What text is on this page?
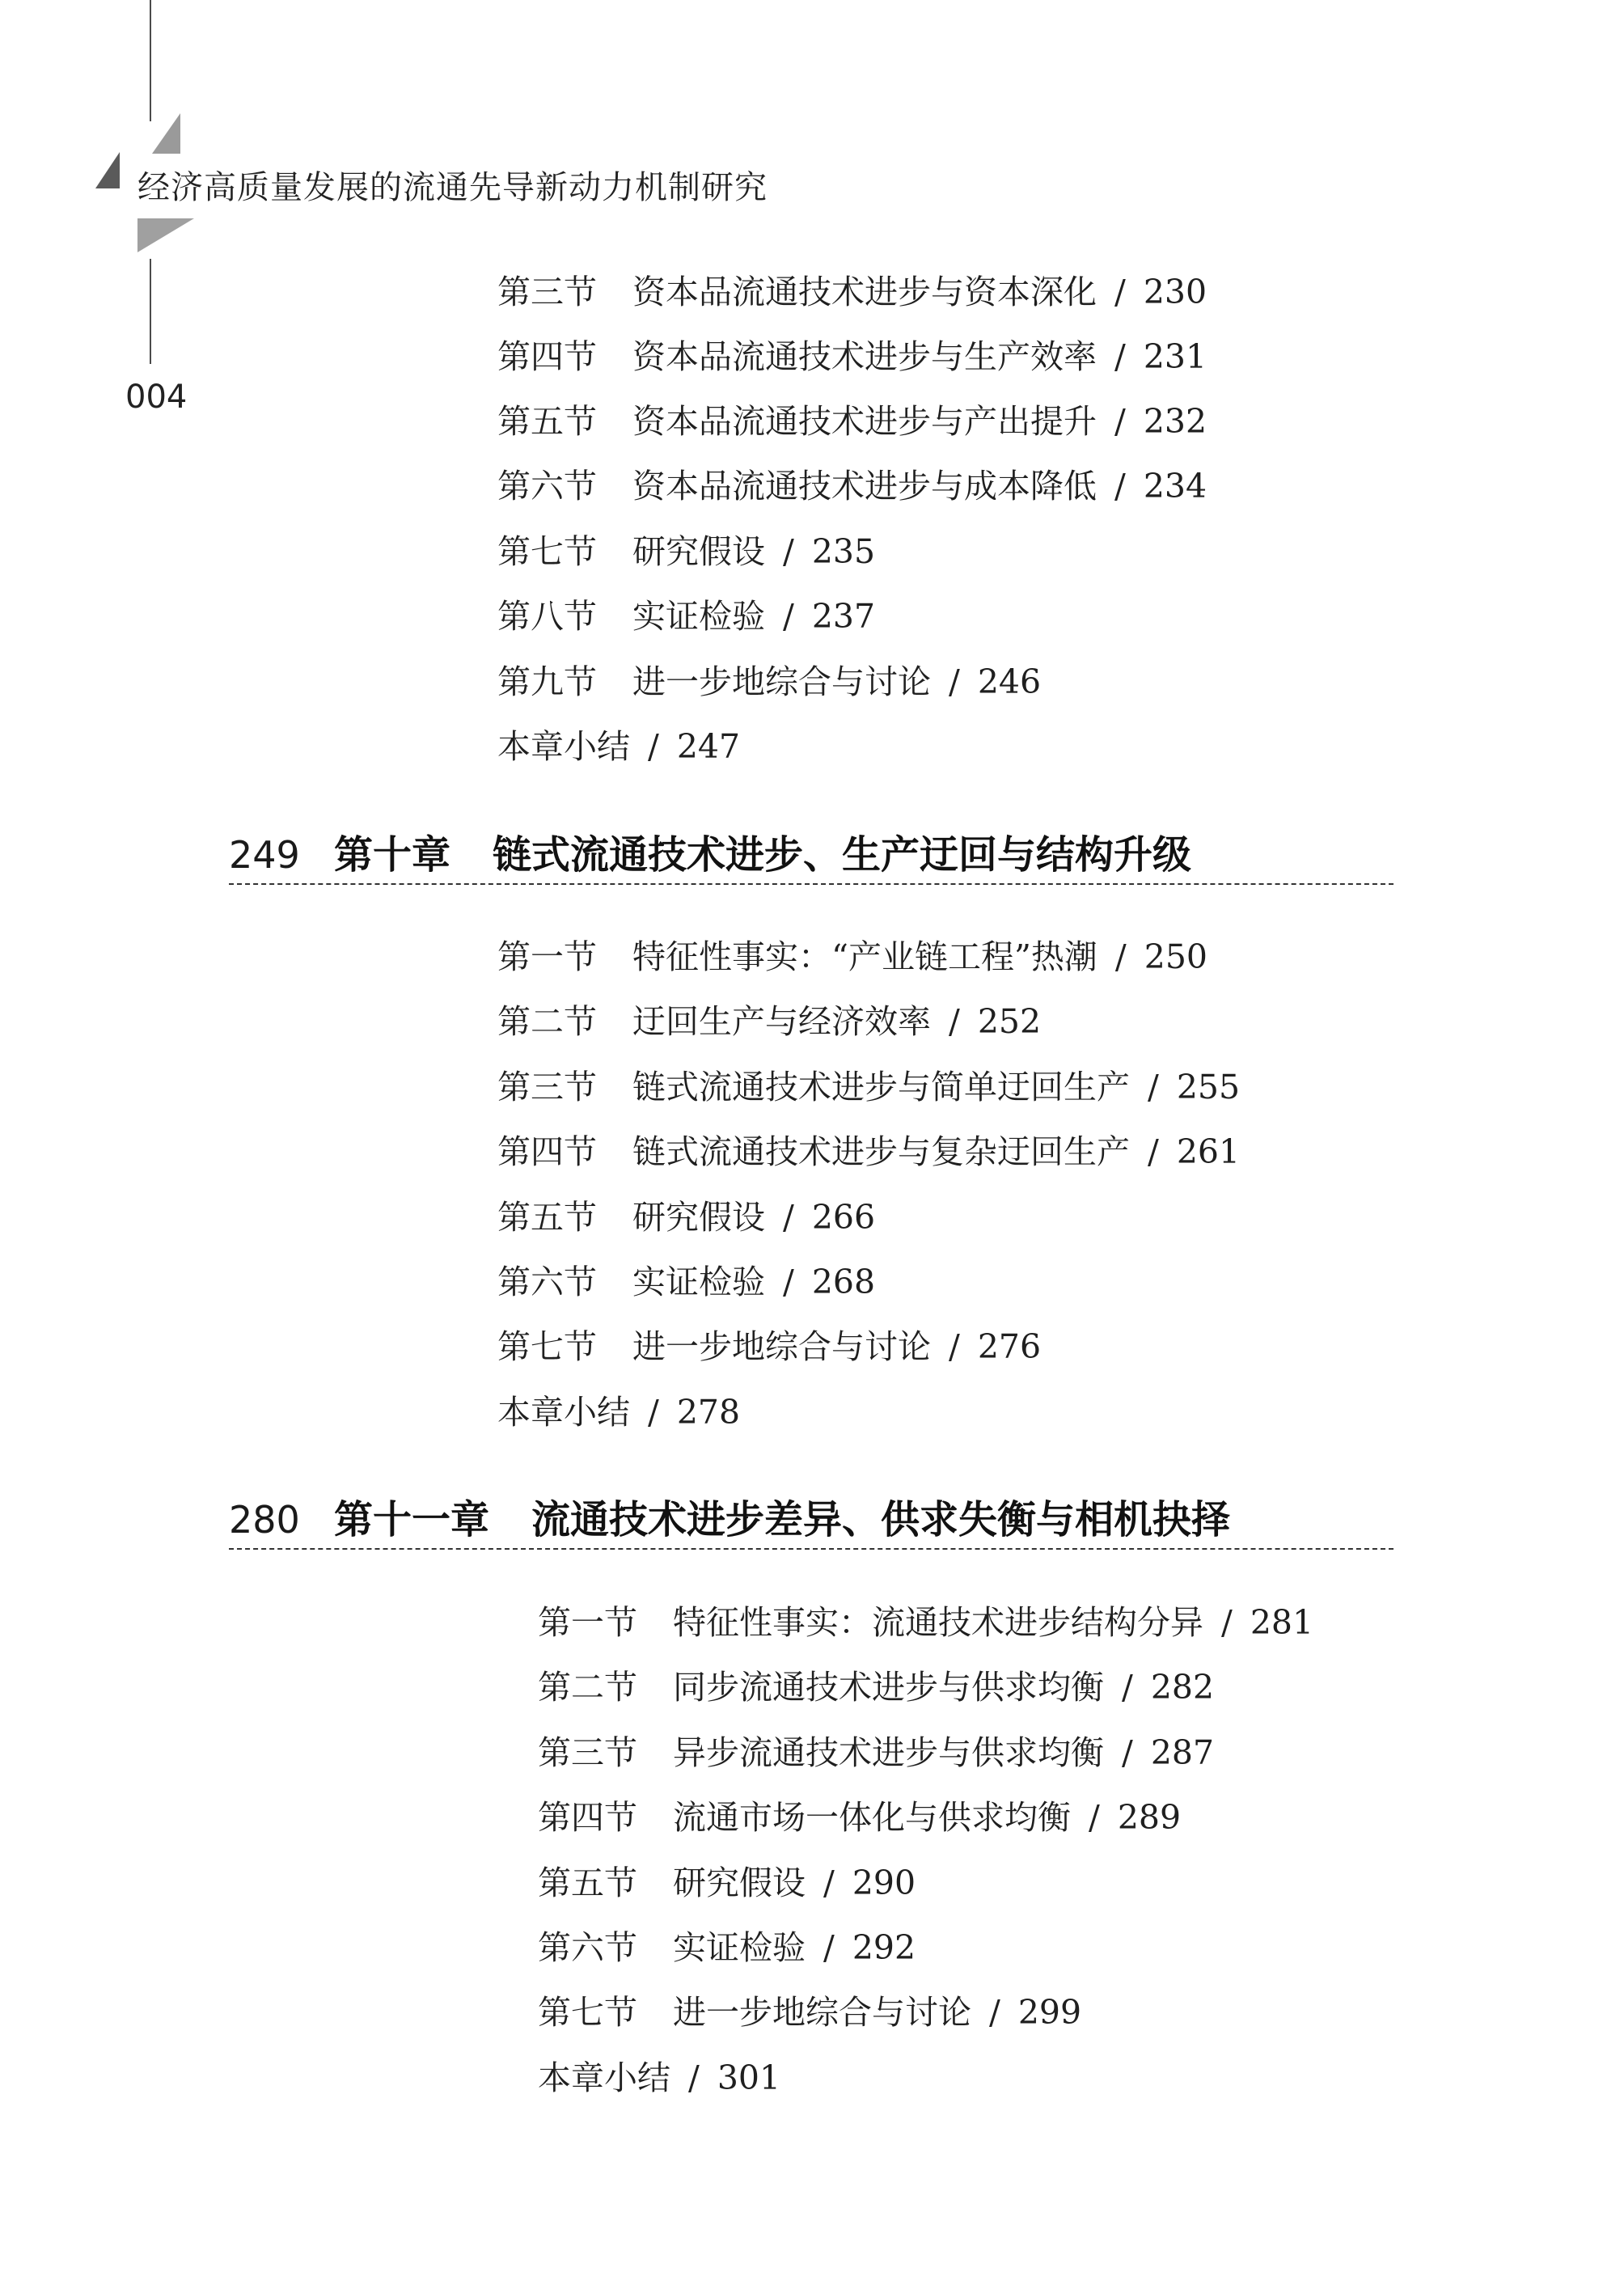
经济高质量发展的流通先导新动力机制研究
004
第三节 资本品流通技术进步与资本深化 / 230
第四节 资本品流通技术进步与生产效率 / 231
第五节 资本品流通技术进步与产出提升 / 232
第六节 资本品流通技术进步与成本降低 / 234
第七节 研究假设 / 235
第八节 实证检验 / 237
第九节 进一步地综合与讨论 / 246
本章小结 / 247
249 第十章 链式流通技术进步、生产迂回与结构升级
第一节 特征性事实：“产业链工程”热潮 / 250
第二节 迂回生产与经济效率 / 252
第三节 链式流通技术进步与简单迂回生产 / 255
第四节 链式流通技术进步与复杂迂回生产 / 261
第五节 研究假设 / 266
第六节 实证检验 / 268
第七节 进一步地综合与讨论 / 276
本章小结 / 278
280 第十一章 流通技术进步差异、供求失衡与相机抉择
第一节 特征性事实：流通技术进步结构分异 / 281
第二节 同步流通技术进步与供求均衡 / 282
第三节 异步流通技术进步与供求均衡 / 287
第四节 流通市场一体化与供求均衡 / 289
第五节 研究假设 / 290
第六节 实证检验 / 292
第七节 进一步地综合与讨论 / 299
本章小结 / 301
